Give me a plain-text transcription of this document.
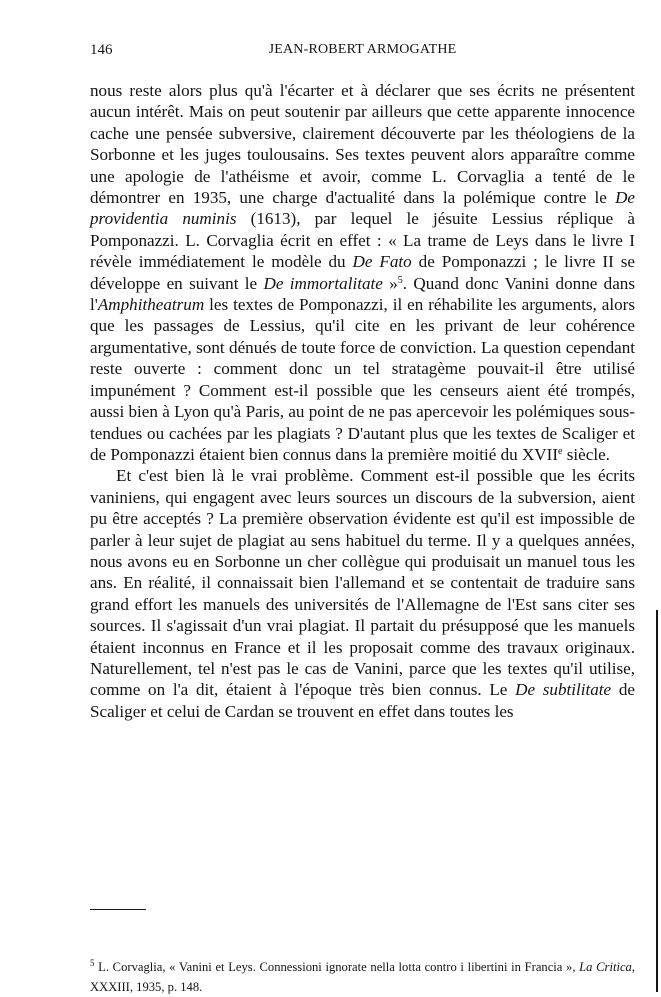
146	JEAN-ROBERT ARMOGATHE

nous reste alors plus qu'à l'écarter et à déclarer que ses écrits ne présentent aucun intérêt. Mais on peut soutenir par ailleurs que cette apparente innocence cache une pensée subversive, clairement découverte par les théologiens de la Sorbonne et les juges toulousains. Ses textes peuvent alors apparaître comme une apologie de l'athéisme et avoir, comme L. Corvaglia a tenté de le démontrer en 1935, une charge d'actualité dans la polémique contre le De providentia numinis (1613), par lequel le jésuite Lessius réplique à Pomponazzi. L. Corvaglia écrit en effet : « La trame de Leys dans le livre I révèle immédiatement le modèle du De Fato de Pomponazzi ; le livre II se développe en suivant le De immortalitate »$^5$. Quand donc Vanini donne dans l'Amphitheatrum les textes de Pomponazzi, il en réhabilite les arguments, alors que les passages de Lessius, qu'il cite en les privant de leur cohérence argumentative, sont dénués de toute force de conviction. La question cependant reste ouverte : comment donc un tel stratagème pouvait-il être utilisé impunément ? Comment est-il possible que les censeurs aient été trompés, aussi bien à Lyon qu'à Paris, au point de ne pas apercevoir les polémiques sous-tendues ou cachées par les plagiats ? D'autant plus que les textes de Scaliger et de Pomponazzi étaient bien connus dans la première moitié du XVIIe siècle.

Et c'est bien là le vrai problème. Comment est-il possible que les écrits vaniniens, qui engagent avec leurs sources un discours de la subversion, aient pu être acceptés ? La première observation évidente est qu'il est impossible de parler à leur sujet de plagiat au sens habituel du terme. Il y a quelques années, nous avons eu en Sorbonne un cher collègue qui produisait un manuel tous les ans. En réalité, il connaissait bien l'allemand et se contentait de traduire sans grand effort les manuels des universités de l'Allemagne de l'Est sans citer ses sources. Il s'agissait d'un vrai plagiat. Il partait du présupposé que les manuels étaient inconnus en France et il les proposait comme des travaux originaux. Naturellement, tel n'est pas le cas de Vanini, parce que les textes qu'il utilise, comme on l'a dit, étaient à l'époque très bien connus. Le De subtilitate de Scaliger et celui de Cardan se trouvent en effet dans toutes les

$^5$ L. Corvaglia, « Vanini et Leys. Connessioni ignorate nella lotta contro i libertini in Francia », La Critica, XXXIII, 1935, p. 148.
